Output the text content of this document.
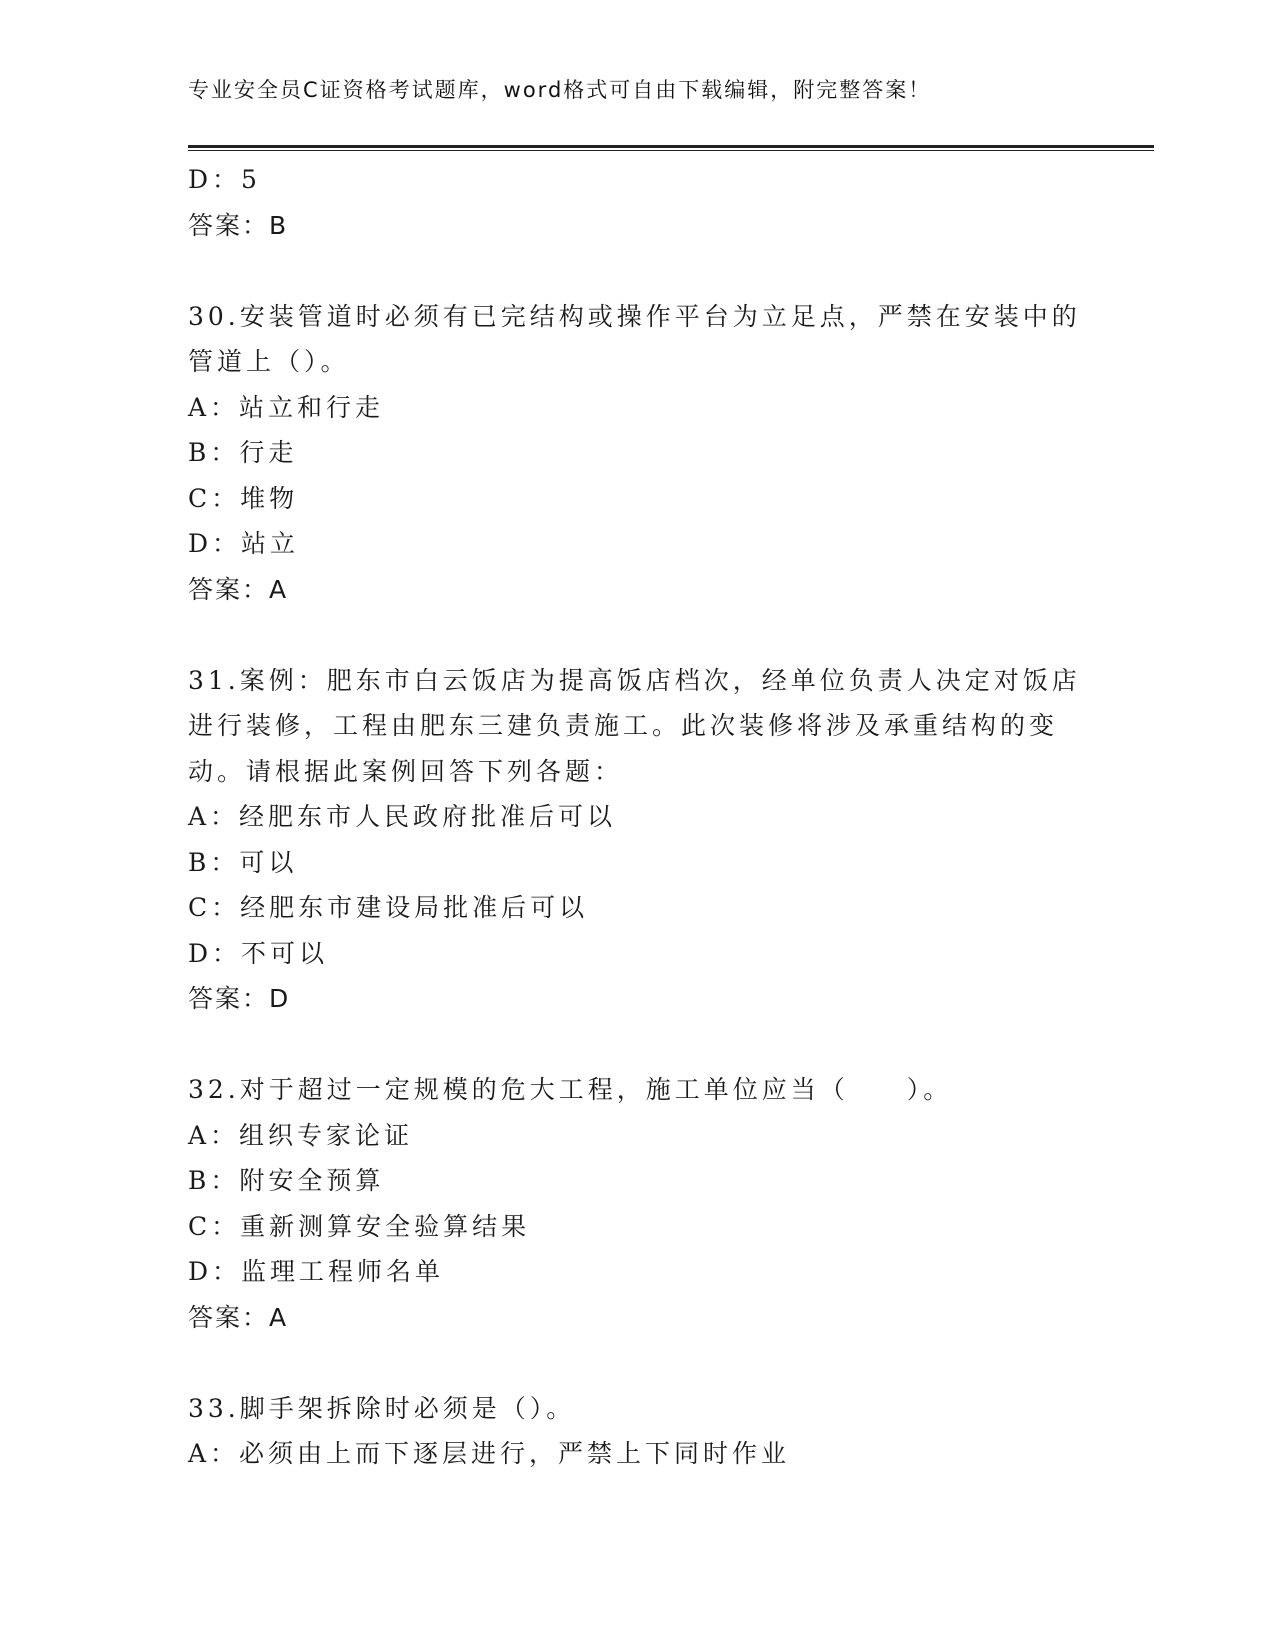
专业安全员C证资格考试题库，word格式可自由下载编辑，附完整答案！
D：5
答案：B
30.安装管道时必须有已完结构或操作平台为立足点，严禁在安装中的
管道上（）。
A：站立和行走
B：行走
C：堆物
D：站立
答案：A
31.案例：肥东市白云饭店为提高饭店档次，经单位负责人决定对饭店
进行装修，工程由肥东三建负责施工。此次装修将涉及承重结构的变
动。请根据此案例回答下列各题：
A：经肥东市人民政府批准后可以
B：可以
C：经肥东市建设局批准后可以
D：不可以
答案：D
32.对于超过一定规模的危大工程，施工单位应当（　　）。
A：组织专家论证
B：附安全预算
C：重新测算安全验算结果
D：监理工程师名单
答案：A
33.脚手架拆除时必须是（）。
A：必须由上而下逐层进行，严禁上下同时作业
